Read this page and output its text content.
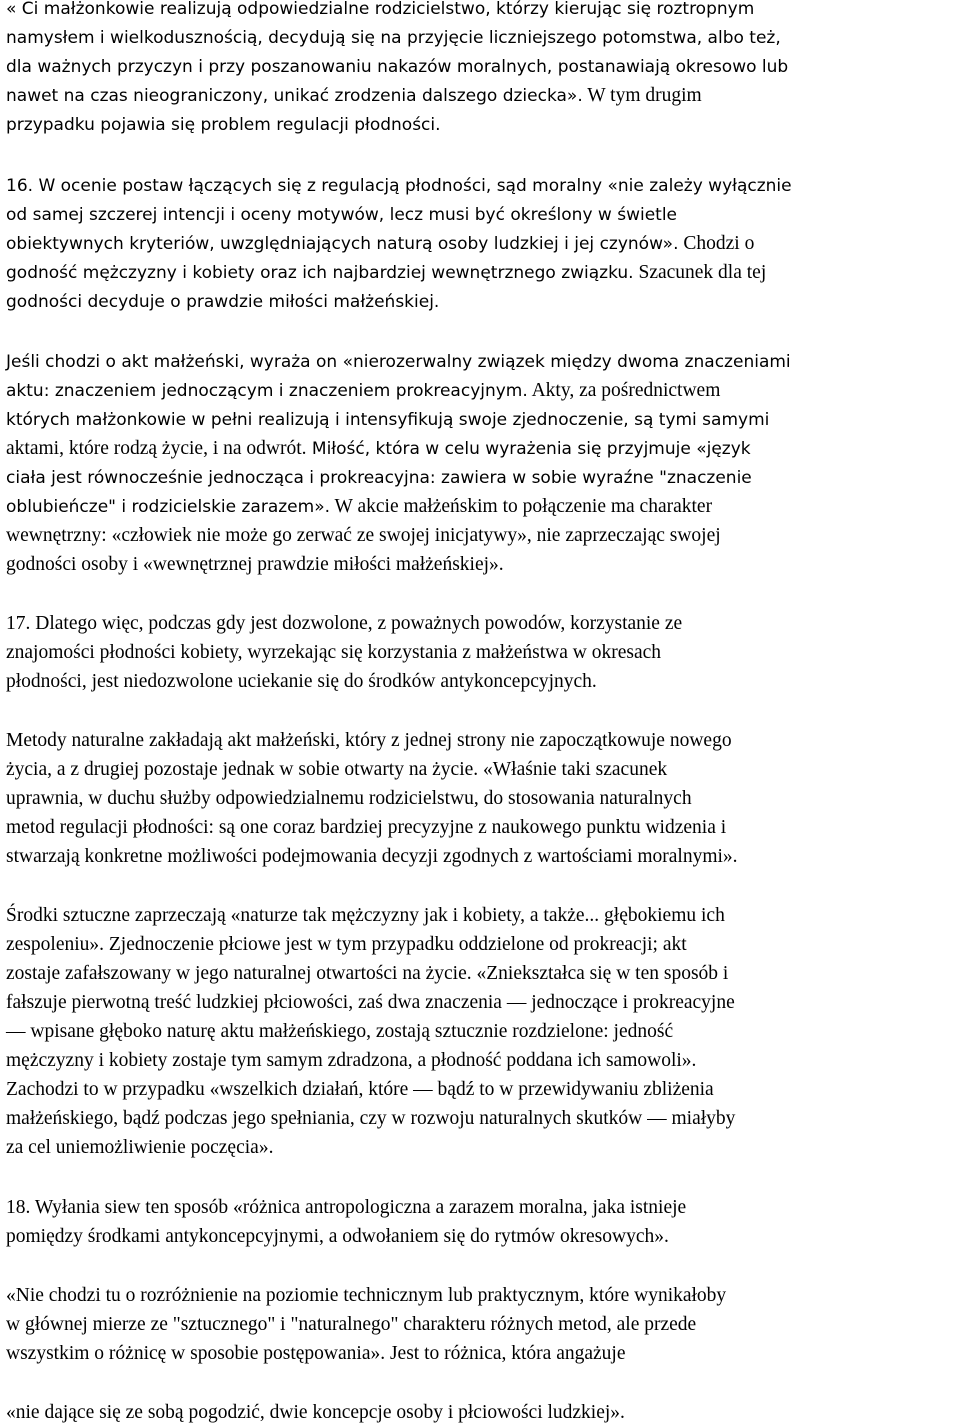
« Ci małżonkowie realizują odpowiedzialne rodzicielstwo, którzy kierując się roztropnym
namysłem i wielkodusznością, decydują się na przyjęcie liczniejszego potomstwa, albo też,
dla ważnych przyczyn i przy poszanowaniu nakazów moralnych, postanawiają okresowo lub
nawet na czas nieograniczony, unikać zrodzenia dalszego dziecka». W tym drugim
przypadku pojawia się problem regulacji płodności.
16. W ocenie postaw łączących się z regulacją płodności, sąd moralny «nie zależy wyłącznie
od samej szczerej intencji i oceny motywów, lecz musi być określony w świetle
obiektywnych kryteriów, uwzględniających naturą osoby ludzkiej i jej czynów». Chodzi o
godność mężczyzny i kobiety oraz ich najbardziej wewnętrznego związku. Szacunek dla tej
godności decyduje o prawdzie miłości małżeńskiej.
Jeśli chodzi o akt małżeński, wyraża on «nierozerwalny związek między dwoma znaczeniami
aktu: znaczeniem jednoczącym i znaczeniem prokreacyjnym. Akty, za pośrednictwem
których małżonkowie w pełni realizują i intensyfikują swoje zjednoczenie, są tymi samymi
aktami, które rodzą życie, i na odwrót. Miłość, która w celu wyrażenia się przyjmuje «język
ciała jest równocześnie jednocząca i prokreacyjna: zawiera w sobie wyraźne "znaczenie
oblubieńcze" i rodzicielskie zarazem». W akcie małżeńskim to połączenie ma charakter
wewnętrzny: «człowiek nie może go zerwać ze swojej inicjatywy», nie zaprzeczając swojej
godności osoby i «wewnętrznej prawdzie miłości małżeńskiej».
17. Dlatego więc, podczas gdy jest dozwolone, z poważnych powodów, korzystanie ze
znajomości płodności kobiety, wyrzekając się korzystania z małżeństwa w okresach
płodności, jest niedozwolone uciekanie się do środków antykoncepcyjnych.
Metody naturalne zakładają akt małżeński, który z jednej strony nie zapoczątkowuje nowego
życia, a z drugiej pozostaje jednak w sobie otwarty na życie. «Właśnie taki szacunek
uprawnia, w duchu służby odpowiedzialnemu rodzicielstwu, do stosowania naturalnych
metod regulacji płodności: są one coraz bardziej precyzyjne z naukowego punktu widzenia i
stwarzają konkretne możliwości podejmowania decyzji zgodnych z wartościami moralnymi».
Środki sztuczne zaprzeczają «naturze tak mężczyzny jak i kobiety, a także... głębokiemu ich
zespoleniu». Zjednoczenie płciowe jest w tym przypadku oddzielone od prokreacji; akt
zostaje zafałszowany w jego naturalnej otwartości na życie. «Zniekształca się w ten sposób i
fałszuje pierwotną treść ludzkiej płciowości, zaś dwa znaczenia — jednoczące i prokreacyjne
— wpisane głęboko naturę aktu małżeńskiego, zostają sztucznie rozdzielone: jedność
mężczyzny i kobiety zostaje tym samym zdradzona, a płodność poddana ich samowoli».
Zachodzi to w przypadku «wszelkich działań, które — bądź to w przewidywaniu zbliżenia
małżeńskiego, bądź podczas jego spełniania, czy w rozwoju naturalnych skutków — miałyby
za cel uniemożliwienie poczęcia».
18. Wyłania siew ten sposób «różnica antropologiczna a zarazem moralna, jaka istnieje
pomiędzy środkami antykoncepcyjnymi, a odwołaniem się do rytmów okresowych».
«Nie chodzi tu o rozróżnienie na poziomie technicznym lub praktycznym, które wynikałoby
w głównej mierze ze "sztucznego" i "naturalnego" charakteru różnych metod, ale przede
wszystkim o różnicę w sposobie postępowania». Jest to różnica, która angażuje
«nie dające się ze sobą pogodzić, dwie koncepcje osoby i płciowości ludzkiej».
